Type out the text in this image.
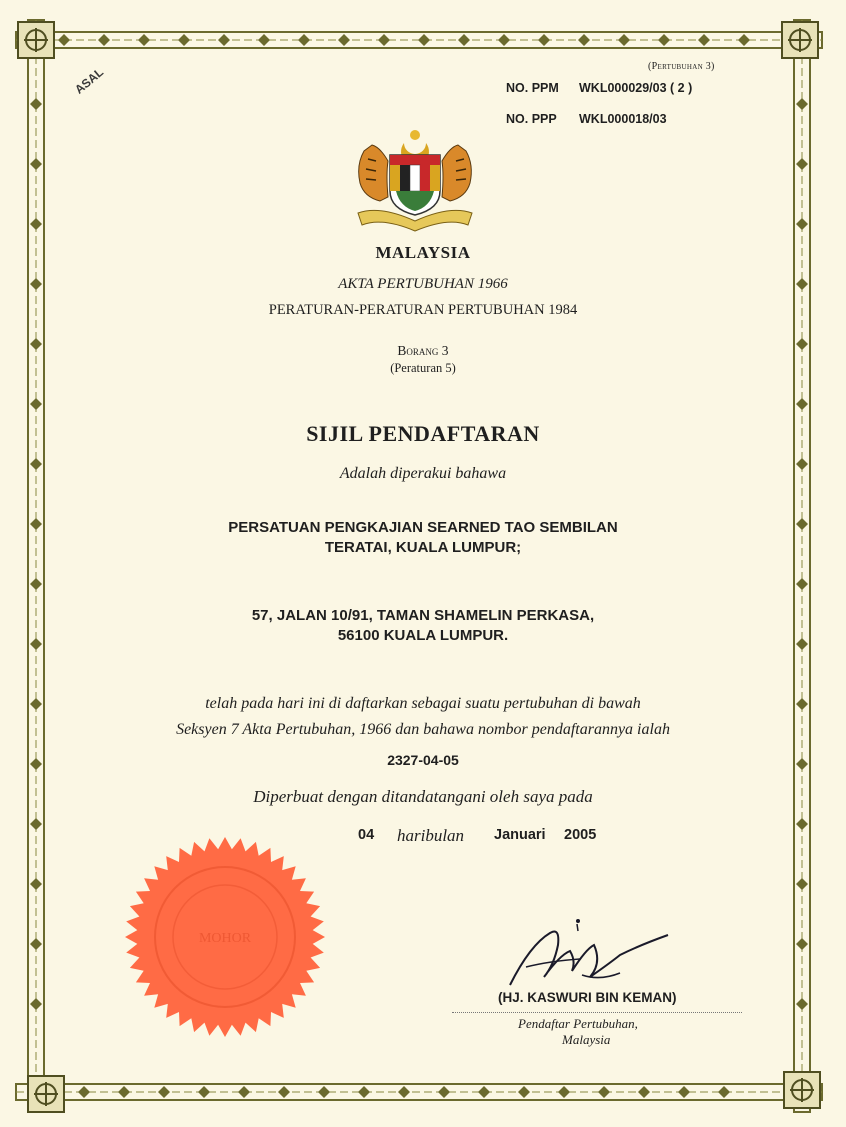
(Pertubuhan 3)
ASAL	NO. PPM WKL000029/03 ( 2 )
NO. PPP WKL000018/03
MALAYSIA
AKTA PERTUBUHAN 1966
PERATURAN-PERATURAN PERTUBUHAN 1984
Borang 3
(Peraturan 5)
SIJIL PENDAFTARAN
Adalah diperakui bahawa
PERSATUAN PENGKAJIAN SEARNED TAO SEMBILAN
TERATAI, KUALA LUMPUR;
57, JALAN 10/91, TAMAN SHAMELIN PERKASA,
56100 KUALA LUMPUR.
telah pada hari ini di daftarkan sebagai suatu pertubuhan di bawah
Seksyen 7 Akta Pertubuhan, 1966 dan bahawa nombor pendaftarannya ialah
2327-04-05
Diperbuat dengan ditandatangani oleh saya pada
04 haribulan Januari 2005
MOHOR
(HJ. KASWURI BIN KEMAN)
Pendaftar Pertubuhan,
Malaysia
